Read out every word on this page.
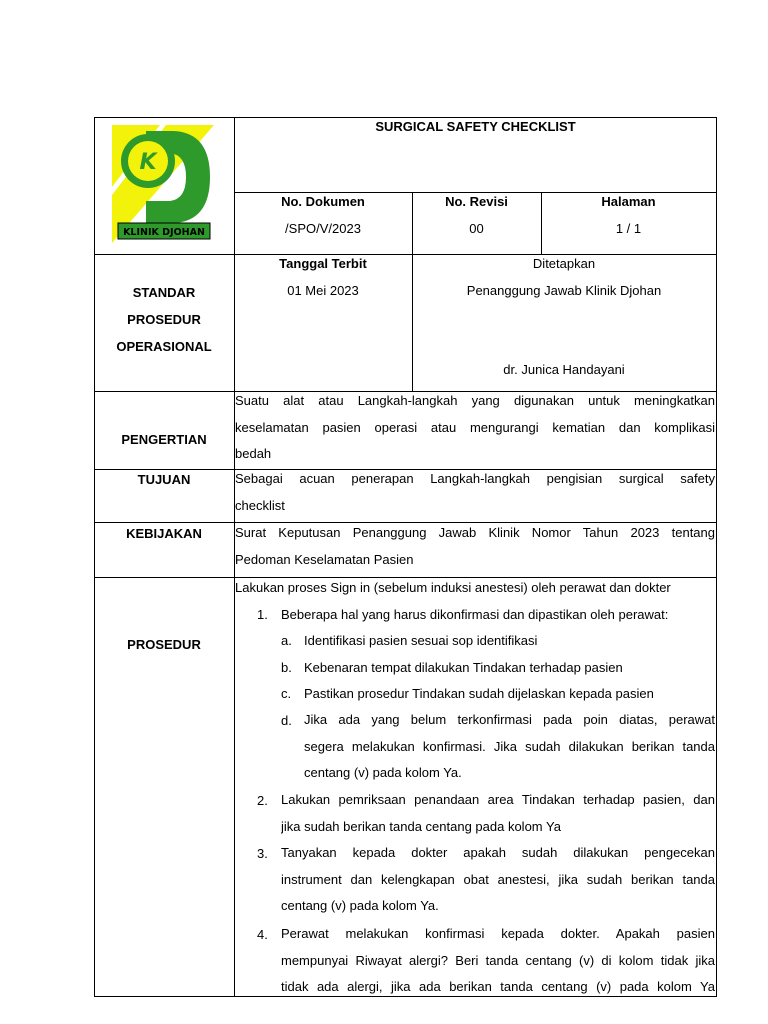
K
KLINIK DJOHAN
SURGICAL SAFETY CHECKLIST
No. Dokumen
/SPO/V/2023
No. Revisi
00
Halaman
1 / 1
STANDAR
PROSEDUR
OPERASIONAL
Tanggal Terbit
01 Mei 2023
Ditetapkan
Penanggung Jawab Klinik Djohan
dr. Junica Handayani
PENGERTIAN
Suatu alat atau Langkah-langkah yang digunakan untuk meningkatkan
keselamatan pasien operasi atau mengurangi kematian dan komplikasi
bedah
TUJUAN	Sebagai acuan penerapan Langkah-langkah pengisian surgical safety
checklist
KEBIJAKAN	Surat Keputusan Penanggung Jawab Klinik Nomor Tahun 2023 tentang
Pedoman Keselamatan Pasien
PROSEDUR
Lakukan proses Sign in (sebelum induksi anestesi) oleh perawat dan dokter
1. Beberapa hal yang harus dikonfirmasi dan dipastikan oleh perawat:
a. Identifikasi pasien sesuai sop identifikasi
b. Kebenaran tempat dilakukan Tindakan terhadap pasien
c. Pastikan prosedur Tindakan sudah dijelaskan kepada pasien
d. Jika ada yang belum terkonfirmasi pada poin diatas, perawat
segera melakukan konfirmasi. Jika sudah dilakukan berikan tanda
centang (v) pada kolom Ya.
2. Lakukan pemriksaan penandaan area Tindakan terhadap pasien, dan
jika sudah berikan tanda centang pada kolom Ya
3. Tanyakan kepada dokter apakah sudah dilakukan pengecekan
instrument dan kelengkapan obat anestesi, jika sudah berikan tanda
centang (v) pada kolom Ya.
4. Perawat melakukan konfirmasi kepada dokter. Apakah pasien
mempunyai Riwayat alergi? Beri tanda centang (v) di kolom tidak jika
tidak ada alergi, jika ada berikan tanda centang (v) pada kolom Ya
